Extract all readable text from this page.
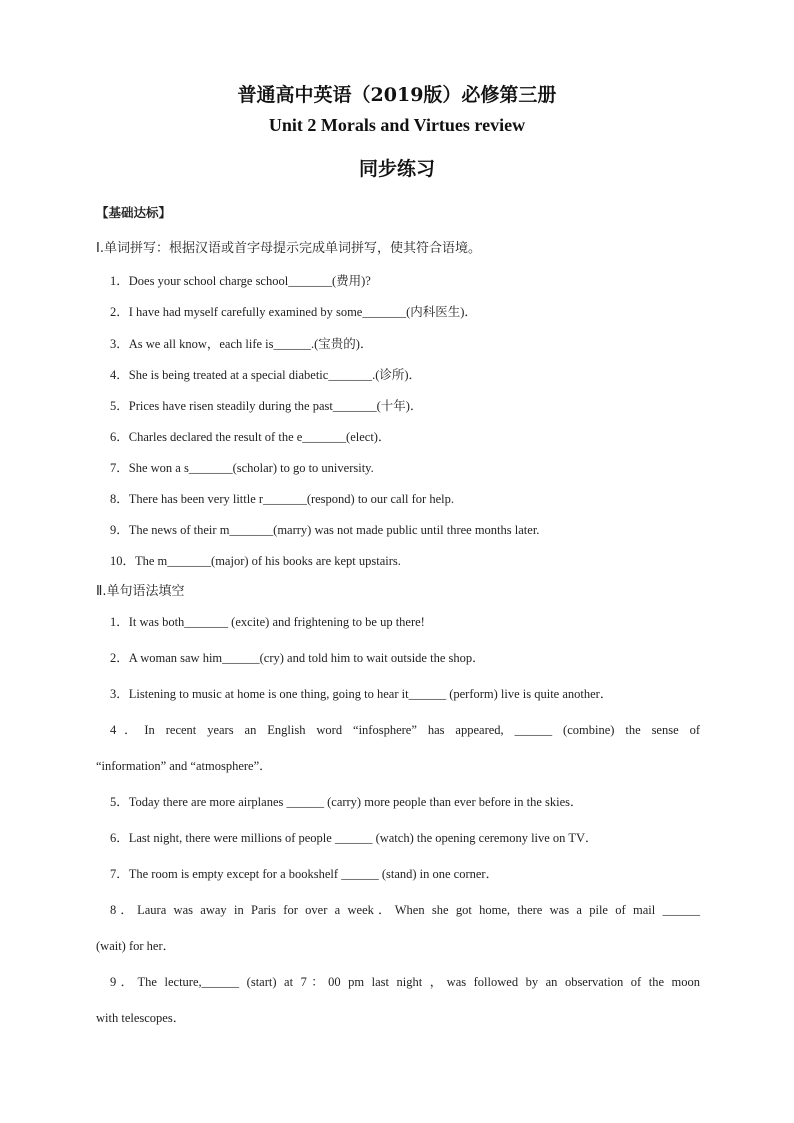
普通高中英语（2019版）必修第三册
Unit 2 Morals and Virtues review
同步练习
【基础达标】
Ⅰ.单词拼写：根据汉语或首字母提示完成单词拼写，使其符合语境。
1．Does your school charge school_______(费用)?
2．I have had myself carefully examined by some_______(内科医生)．
3．As we all know，each life is______.(宝贵的)．
4．She is being treated at a special diabetic_______.(诊所)．
5．Prices have risen steadily during the past_______(十年)．
6．Charles declared the result of the e_______(elect)．
7．She won a s_______(scholar) to go to university.
8．There has been very little r_______(respond) to our call for help.
9．The news of their m_______(marry) was not made public until three months later.
10．The m_______(major) of his books are kept upstairs.
Ⅱ.单句语法填空
1．It was both_______ (excite) and frightening to be up there!
2．A woman saw him______(cry) and told him to wait outside the shop．
3．Listening to music at home is one thing, going to hear it______ (perform) live is quite another．
4．In recent years an English word “infosphere” has appeared, ______ (combine) the sense of
“information” and “atmosphere”．
5．Today there are more airplanes ______ (carry) more people than ever before in the skies．
6．Last night, there were millions of people ______ (watch) the opening ceremony live on TV．
7．The room is empty except for a bookshelf ______ (stand) in one corner．
8．Laura was away in Paris for over a week．When she got home, there was a pile of mail ______
(wait) for her．
9．The lecture,______ (start) at 7：00 pm last night ，was followed by an observation of the moon
with telescopes．
